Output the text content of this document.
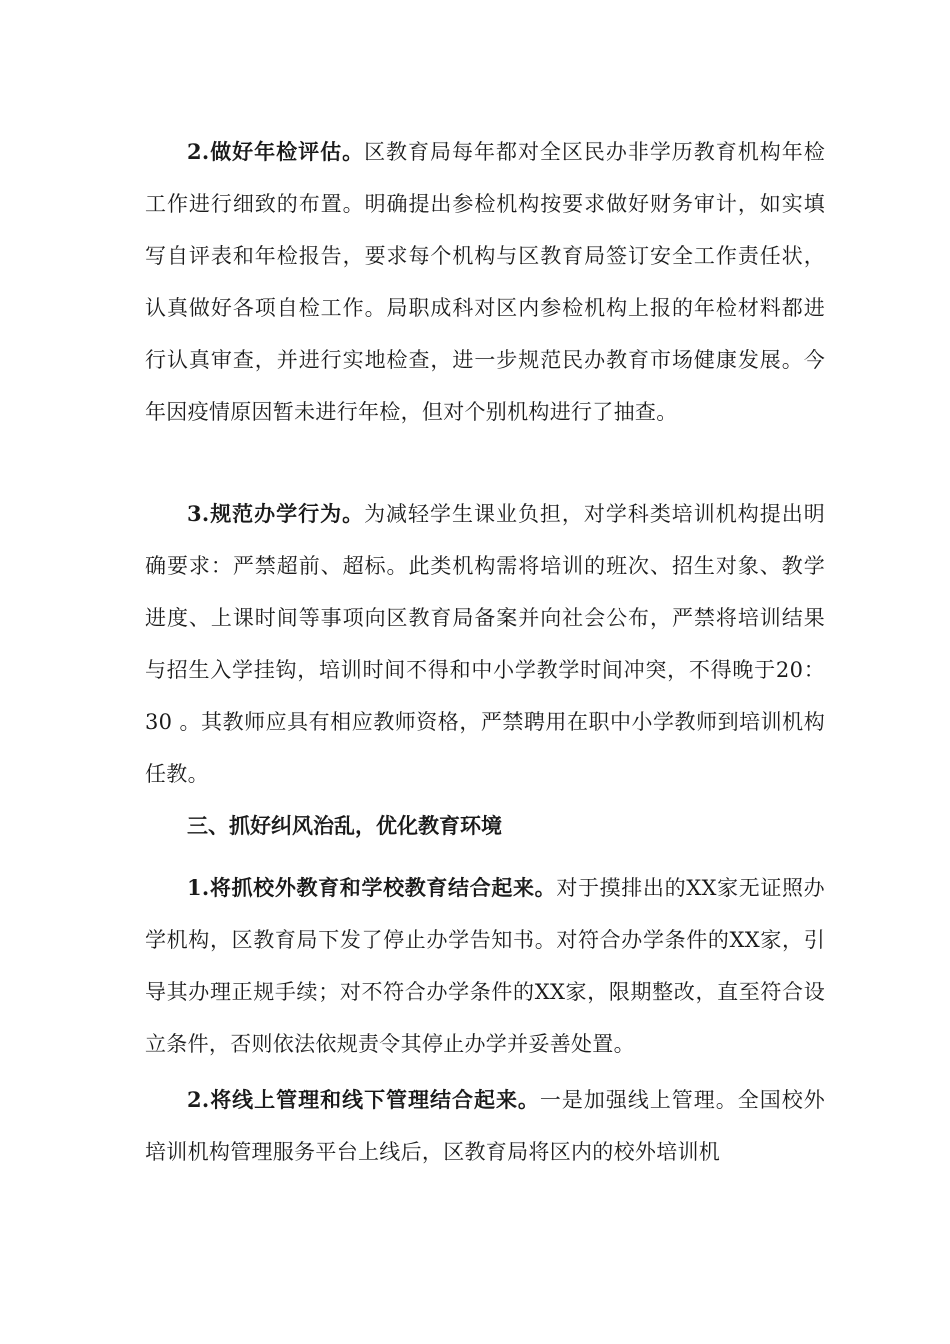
2.做好年检评估。区教育局每年都对全区民办非学历教育机构年检工作进行细致的布置。明确提出参检机构按要求做好财务审计，如实填写自评表和年检报告，要求每个机构与区教育局签订安全工作责任状，认真做好各项自检工作。局职成科对区内参检机构上报的年检材料都进行认真审查，并进行实地检查，进一步规范民办教育市场健康发展。今年因疫情原因暂未进行年检，但对个别机构进行了抽查。

3.规范办学行为。为减轻学生课业负担，对学科类培训机构提出明确要求：严禁超前、超标。此类机构需将培训的班次、招生对象、教学进度、上课时间等事项向区教育局备案并向社会公布，严禁将培训结果与招生入学挂钩，培训时间不得和中小学教学时间冲突，不得晚于20：30 。其教师应具有相应教师资格，严禁聘用在职中小学教师到培训机构任教。

三、抓好纠风治乱，优化教育环境

1.将抓校外教育和学校教育结合起来。对于摸排出的XX家无证照办学机构，区教育局下发了停止办学告知书。对符合办学条件的XX家，引导其办理正规手续；对不符合办学条件的XX家，限期整改，直至符合设立条件，否则依法依规责令其停止办学并妥善处置。

2.将线上管理和线下管理结合起来。一是加强线上管理。全国校外培训机构管理服务平台上线后，区教育局将区内的校外培训机
